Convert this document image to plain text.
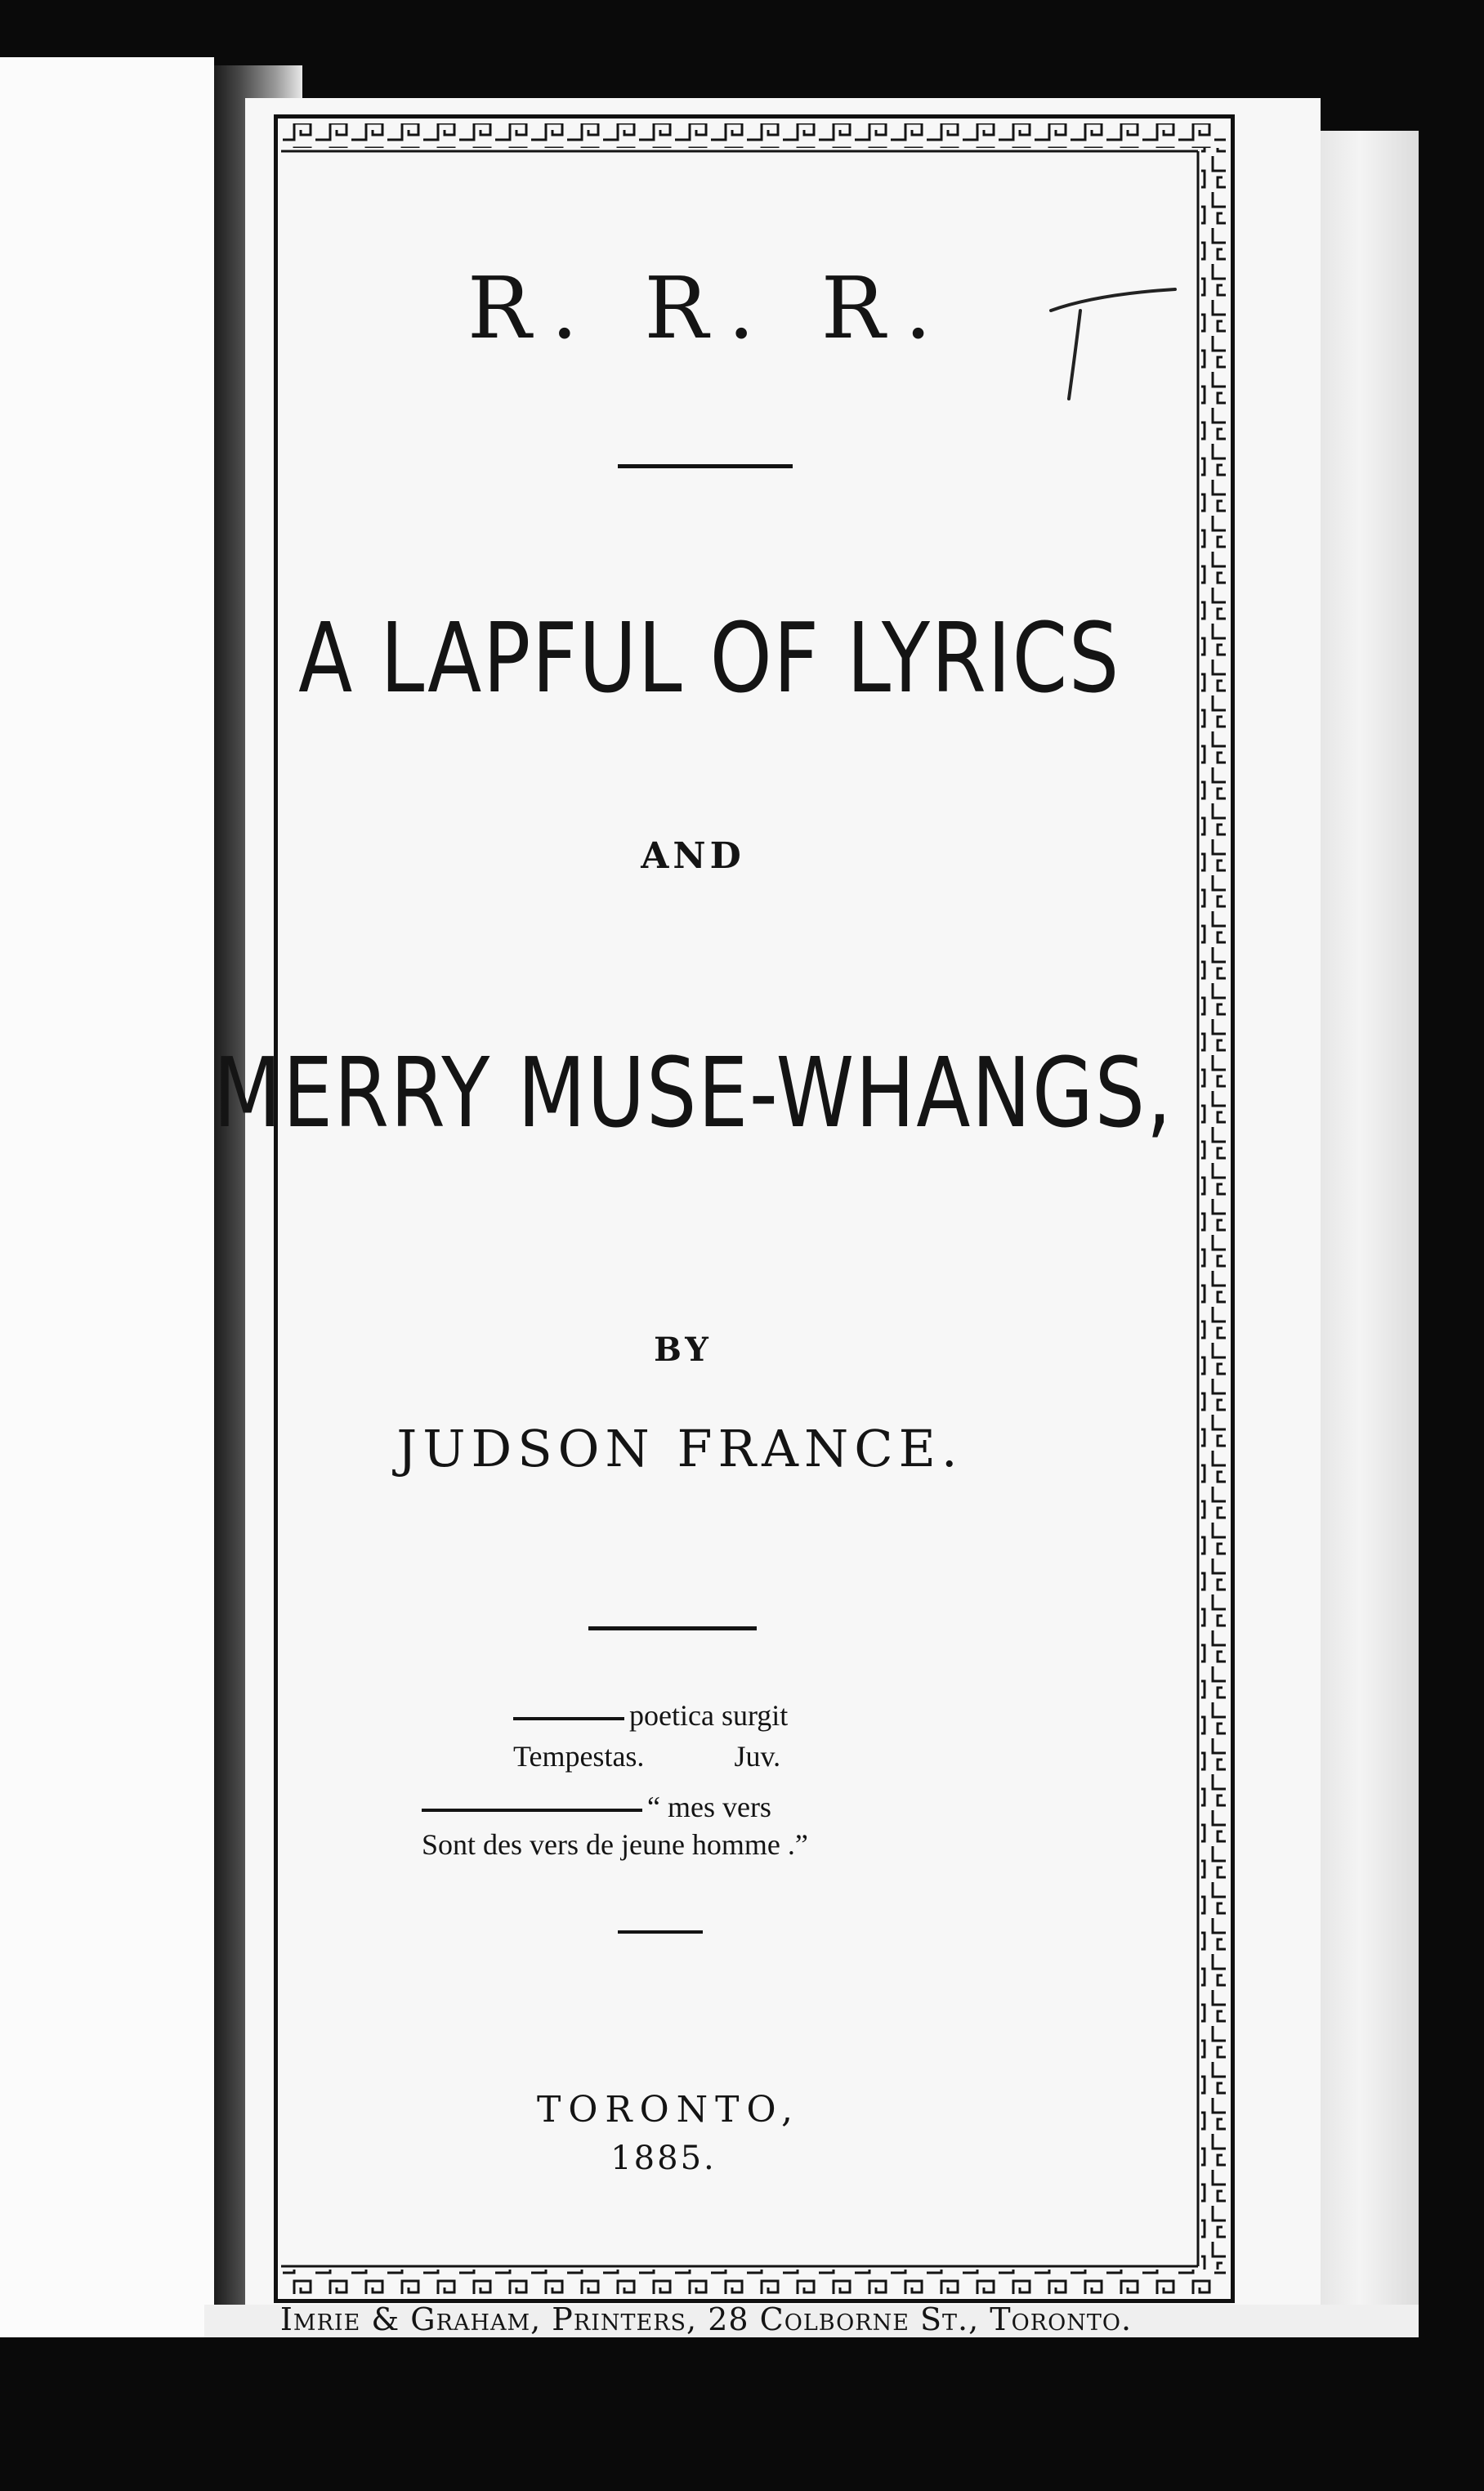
R. R. R.
A LAPFUL OF LYRICS
AND
MERRY MUSE-WHANGS,
BY
JUDSON FRANCE.
poetica surgit
Tempestas.	Juv.
“ mes vers
Sont des vers de jeune homme .”
TORONTO,
1885.
Imrie & Graham, Printers, 28 Colborne St., Toronto.
